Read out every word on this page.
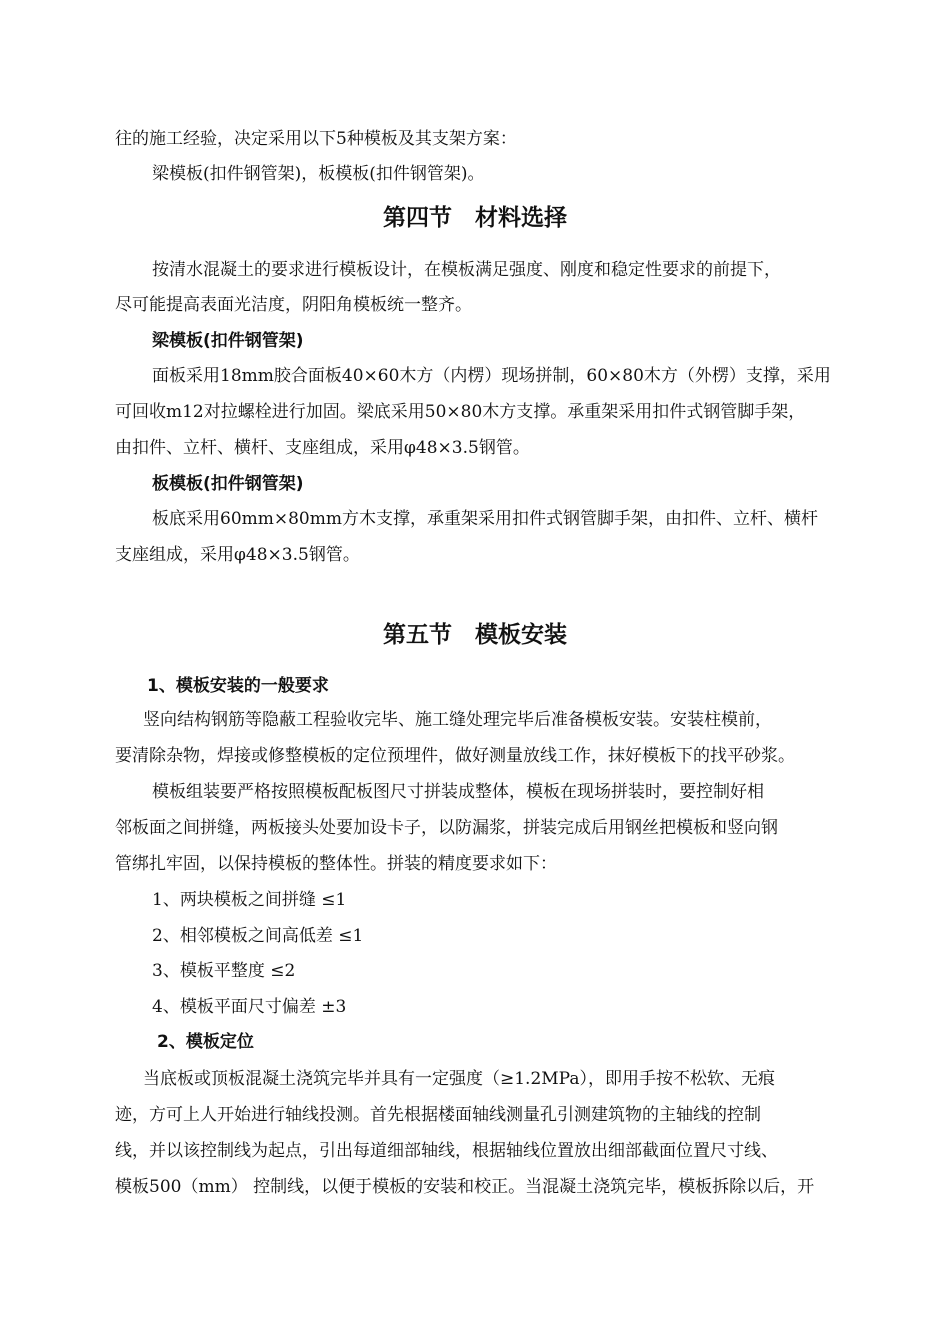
往的施工经验，决定采用以下5种模板及其支架方案：
梁模板(扣件钢管架)，板模板(扣件钢管架)。
第四节　材料选择
按清水混凝土的要求进行模板设计，在模板满足强度、刚度和稳定性要求的前提下，
尽可能提高表面光洁度，阴阳角模板统一整齐。
梁模板(扣件钢管架)
面板采用18mm胶合面板40×60木方（内楞）现场拼制，60×80木方（外楞）支撑，采用
可回收m12对拉螺栓进行加固。梁底采用50×80木方支撑。承重架采用扣件式钢管脚手架，
由扣件、立杆、横杆、支座组成，采用φ48×3.5钢管。
板模板(扣件钢管架)
板底采用60mm×80mm方木支撑，承重架采用扣件式钢管脚手架，由扣件、立杆、横杆
支座组成，采用φ48×3.5钢管。
第五节　模板安装
1、模板安装的一般要求
竖向结构钢筋等隐蔽工程验收完毕、施工缝处理完毕后准备模板安装。安装柱模前，
要清除杂物，焊接或修整模板的定位预埋件，做好测量放线工作，抹好模板下的找平砂浆。
模板组装要严格按照模板配板图尺寸拼装成整体，模板在现场拼装时，要控制好相
邻板面之间拼缝，两板接头处要加设卡子，以防漏浆，拼装完成后用钢丝把模板和竖向钢
管绑扎牢固，以保持模板的整体性。拼装的精度要求如下：
1、两块模板之间拼缝 ≤1
2、相邻模板之间高低差 ≤1
3、模板平整度 ≤2
4、模板平面尺寸偏差 ±3
2、模板定位
当底板或顶板混凝土浇筑完毕并具有一定强度（≥1.2MPa），即用手按不松软、无痕
迹，方可上人开始进行轴线投测。首先根据楼面轴线测量孔引测建筑物的主轴线的控制
线，并以该控制线为起点，引出每道细部轴线，根据轴线位置放出细部截面位置尺寸线、
模板500（mm） 控制线，以便于模板的安装和校正。当混凝土浇筑完毕，模板拆除以后，开
